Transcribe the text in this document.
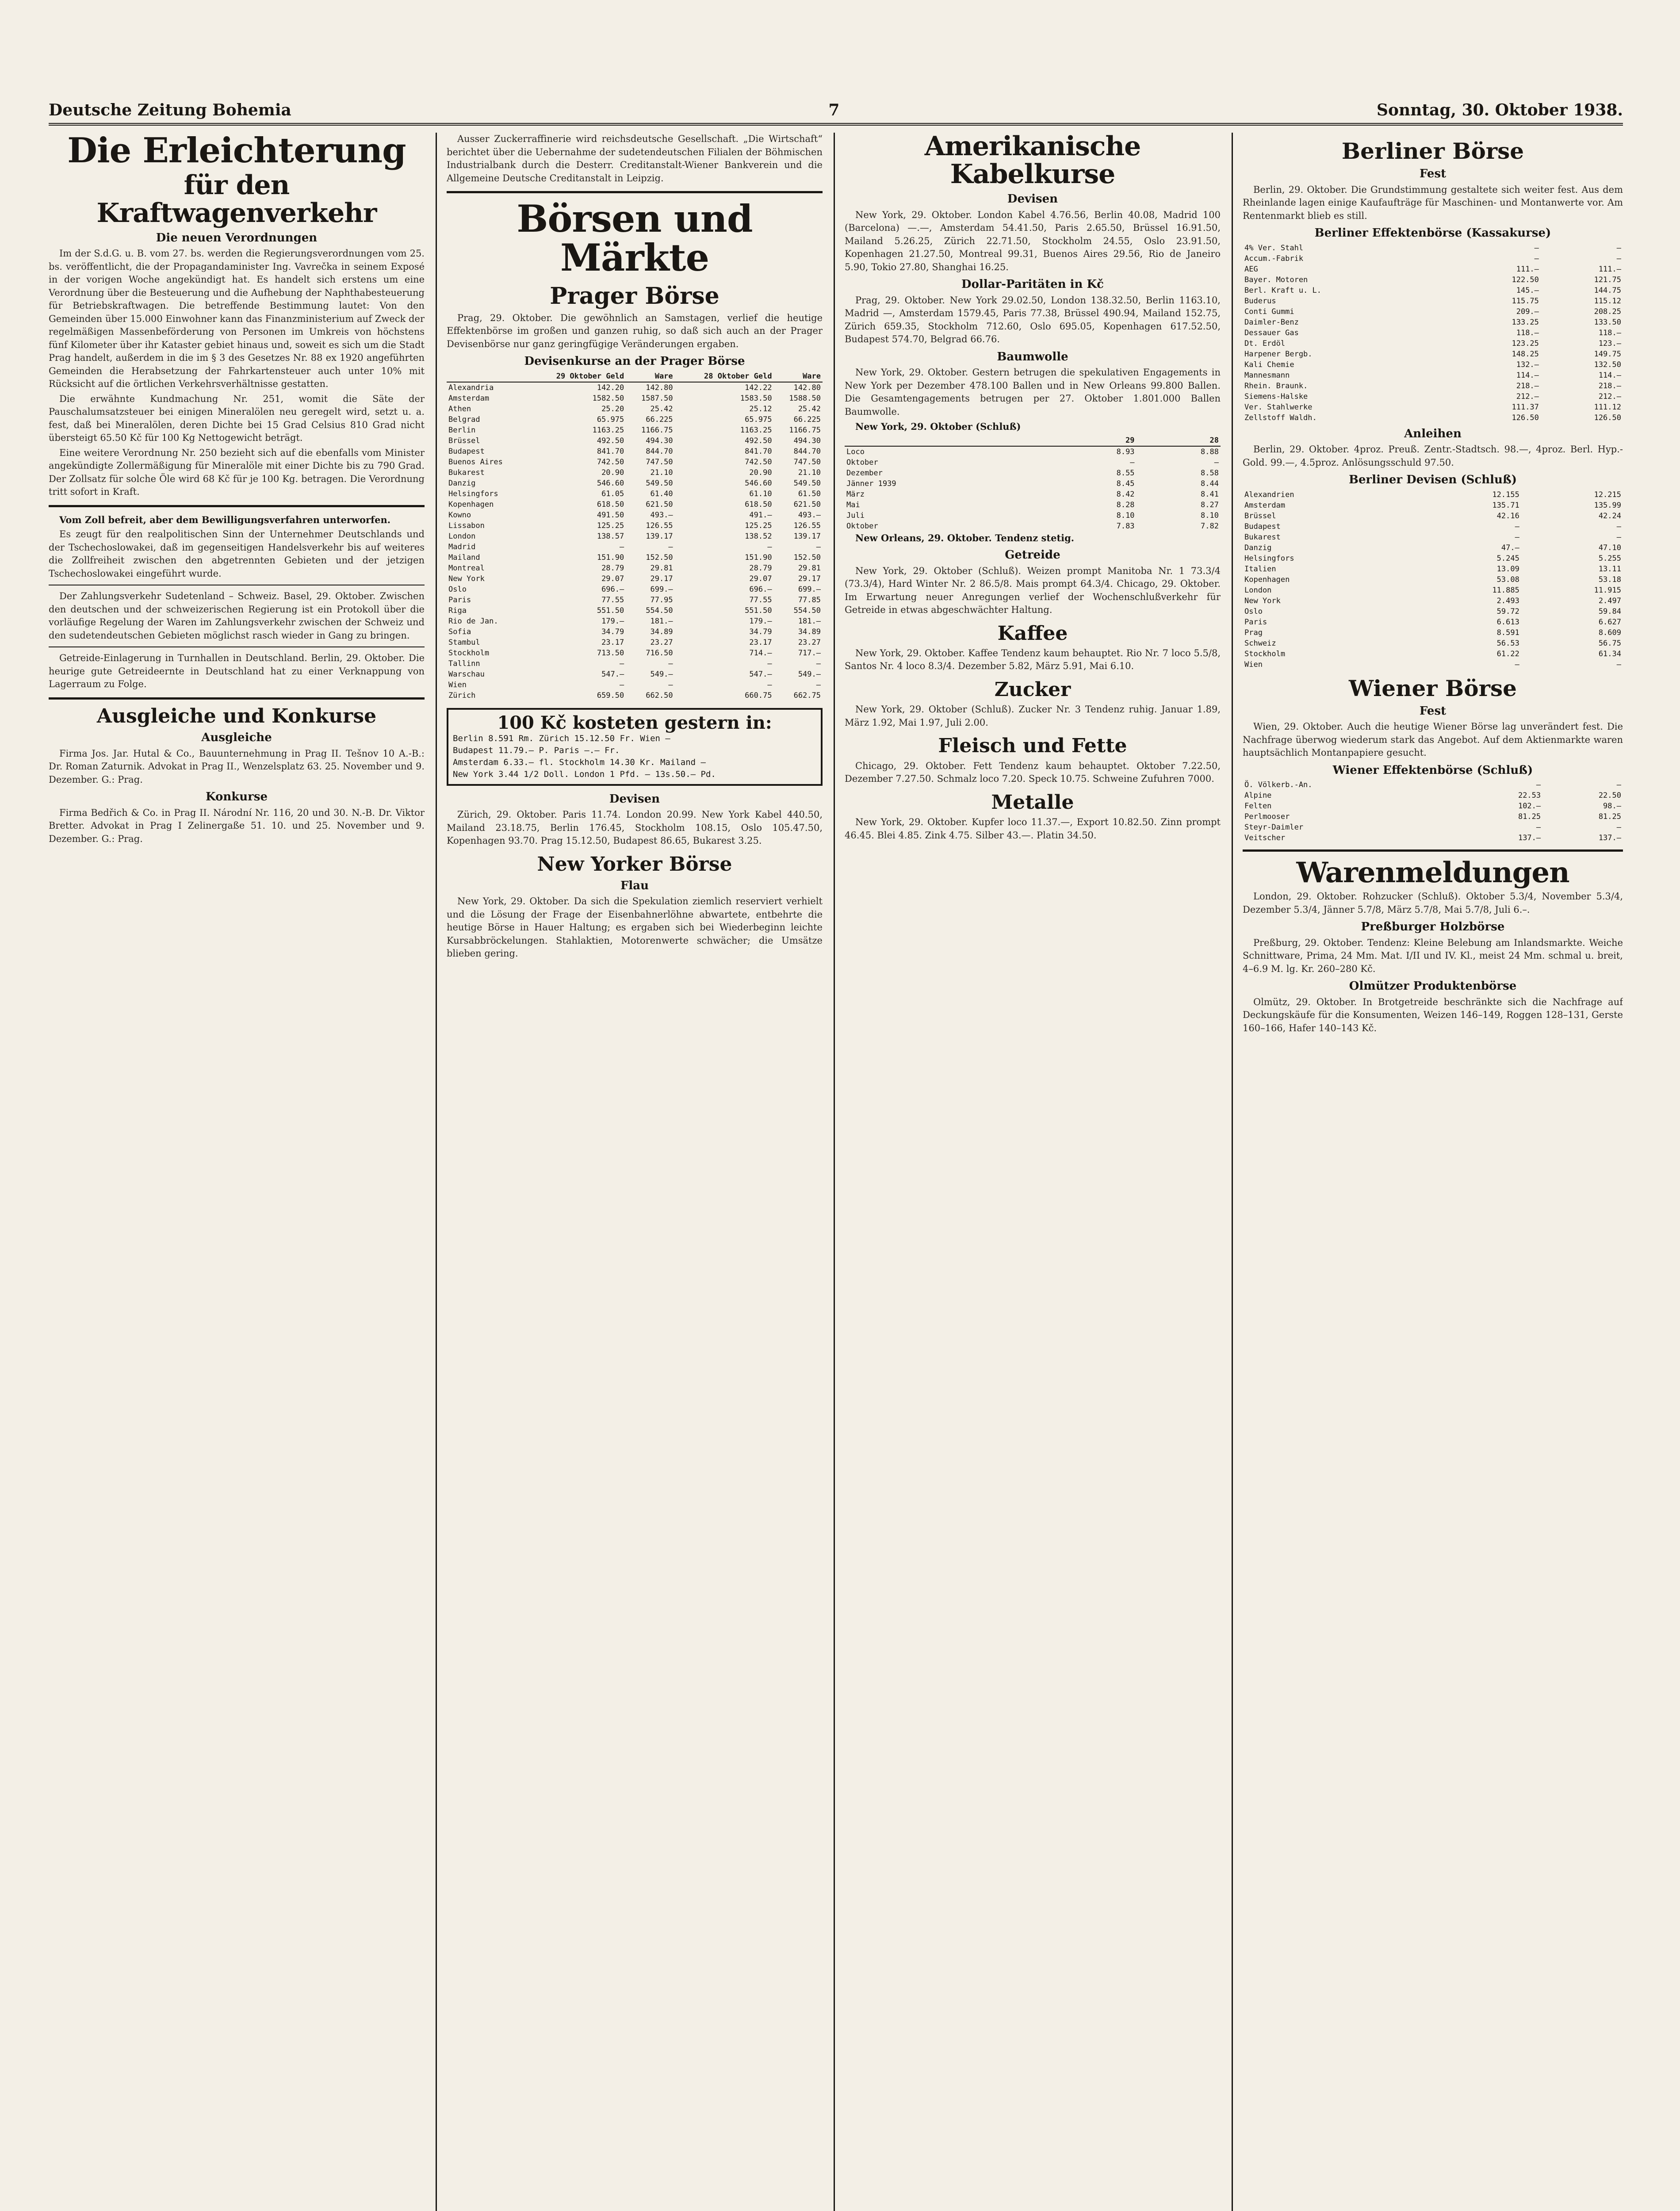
Deutsche Zeitung Bohemia	7	Sonntag, 30. Oktober 1938.
Die Erleichterung
für den Kraftwagenverkehr
Die neuen Verordnungen

Im der S.d.G. u. B. vom 27. bs. werden die Regierungsverordnungen vom 25. bs. veröffentlicht, die der Propagandaminister Ing. Vavrečka in seinem Exposé in der vorigen Woche angekündigt hat. Es handelt sich erstens um eine Verordnung über die Besteuerung und die Aufhebung der Naphthabesteuerung für Betriebskraftwagen. Die betreffende Bestimmung lautet: Von den Gemeinden über 15.000 Einwohner kann das Finanzministerium auf Zweck der regelmäßigen Massenbeförderung von Personen im Umkreis von höchstens fünf Kilometer über ihr Kataster gebiet hinaus und, soweit es sich um die Stadt Prag handelt, außerdem in die im § 3 des Gesetzes Nr. 88 ex 1920 angeführten Gemeinden die Herabsetzung der Fahrkartensteuer auch unter 10% mit Rücksicht auf die örtlichen Verkehrsverhältnisse gestatten.

Die erwähnte Kundmachung Nr. 251, womit die Säte der Pauschalumsatzsteuer bei einigen Mineralölen neu geregelt wird, setzt u. a. fest, daß bei Mineralölen, deren Dichte bei 15 Grad Celsius 810 Grad nicht übersteigt 65.50 Kč für 100 Kg Nettogewicht beträgt.

Eine weitere Verordnung Nr. 250 bezieht sich auf die ebenfalls vom Minister angekündigte Zollermäßigung für Mineralöle mit einer Dichte bis zu 790 Grad. Der Zollsatz für solche Öle wird 68 Kč für je 100 Kg. betragen. Die Verordnung tritt sofort in Kraft.

Vom Zoll befreit, aber dem Bewilligungsverfahren unterworfen.

Es zeugt für den realpolitischen Sinn der Unternehmer Deutschlands und der Tschechoslowakei, daß im gegenseitigen Handelsverkehr bis auf weiteres die Zollfreiheit zwischen den abgetrennten Gebieten und der jetzigen Tschechoslowakei eingeführt wurde.

Der Zahlungsverkehr Sudetenland – Schweiz. Basel, 29. Oktober. Zwischen den deutschen und der schweizerischen Regierung ist ein Protokoll über die vorläufige Regelung der Waren im Zahlungsverkehr zwischen der Schweiz und den sudetendeutschen Gebieten möglichst rasch wieder in Gang zu bringen.

Getreide-Einlagerung in Turnhallen in Deutschland. Berlin, 29. Oktober. Die heurige gute Getreideernte in Deutschland hat zu einer Verknappung von Lagerraum zu Folge.

Ausgleiche und Konkurse
Ausgleiche

Firma Jos. Jar. Hutal & Co., Bauunternehmung in Prag II. Tešnov 10 A.-B.: Dr. Roman Zaturnik. Advokat in Prag II., Wenzelsplatz 63. 25. November und 9. Dezember. G.: Prag.

Konkurse

Firma Bedřich & Co. in Prag II. Národní Nr. 116, 20 und 30. N.-B. Dr. Viktor Bretter. Advokat in Prag I Zelinergaße 51. 10. und 25. November und 9. Dezember. G.: Prag.

Ausser Zuckerraffinerie wird reichsdeutsche Gesellschaft. „Die Wirtschaft“ berichtet über die Uebernahme der sudetendeutschen Filialen der Böhmischen Industrialbank durch die Desterr. Creditanstalt-Wiener Bankverein und die Allgemeine Deutsche Creditanstalt in Leipzig.

Börsen und Märkte
Prager Börse

Prag, 29. Oktober. Die gewöhnlich an Samstagen, verlief die heutige Effektenbörse im großen und ganzen ruhig, so daß sich auch an der Prager Devisenbörse nur ganz geringfügige Veränderungen ergaben.

Devisenkurse an der Prager Börse
	29 Oktober Geld	Ware	28 Oktober Geld	Ware
Alexandria	142.20	142.80	142.22	142.80
Amsterdam	1582.50	1587.50	1583.50	1588.50
Athen	25.20	25.42	25.12	25.42
Belgrad	65.975	66.225	65.975	66.225
Berlin	1163.25	1166.75	1163.25	1166.75
Brüssel	492.50	494.30	492.50	494.30
Budapest	841.70	844.70	841.70	844.70
Buenos Aires	742.50	747.50	742.50	747.50
Bukarest	20.90	21.10	20.90	21.10
Danzig	546.60	549.50	546.60	549.50
Helsingfors	61.05	61.40	61.10	61.50
Kopenhagen	618.50	621.50	618.50	621.50
Kowno	491.50	493.–	491.–	493.–
Lissabon	125.25	126.55	125.25	126.55
London	138.57	139.17	138.52	139.17
Madrid	—	—	—	—
Mailand	151.90	152.50	151.90	152.50
Montreal	28.79	29.81	28.79	29.81
New York	29.07	29.17	29.07	29.17
Oslo	696.–	699.–	696.–	699.–
Paris	77.55	77.95	77.55	77.85
Riga	551.50	554.50	551.50	554.50
Rio de Jan.	179.–	181.–	179.–	181.–
Sofia	34.79	34.89	34.79	34.89
Stambul	23.17	23.27	23.17	23.27
Stockholm	713.50	716.50	714.–	717.–
Tallinn	—	—	—	—
Warschau	547.–	549.–	547.–	549.–
Wien	—	—	—	—
Zürich	659.50	662.50	660.75	662.75
100 Kč kosteten gestern in:
Berlin 8.591 Rm. Zürich 15.12.50 Fr. Wien —
Budapest 11.79.— P. Paris —.— Fr.
Amsterdam 6.33.— fl. Stockholm 14.30 Kr. Mailand —
New York 3.44 1/2 Doll. London 1 Pfd. — 13s.50.— Pd.
Devisen

Zürich, 29. Oktober. Paris 11.74. London 20.99. New York Kabel 440.50, Mailand 23.18.75, Berlin 176.45, Stockholm 108.15, Oslo 105.47.50, Kopenhagen 93.70. Prag 15.12.50, Budapest 86.65, Bukarest 3.25.

New Yorker Börse
Flau

New York, 29. Oktober. Da sich die Spekulation ziemlich reserviert verhielt und die Lösung der Frage der Eisenbahnerlöhne abwartete, entbehrte die heutige Börse in Hauer Haltung; es ergaben sich bei Wiederbeginn leichte Kursabbröckelungen. Stahlaktien, Motorenwerte schwächer; die Umsätze blieben gering.

Amerikanische Kabelkurse
Devisen

New York, 29. Oktober. London Kabel 4.76.56, Berlin 40.08, Madrid 100 (Barcelona) —.—, Amsterdam 54.41.50, Paris 2.65.50, Brüssel 16.91.50, Mailand 5.26.25, Zürich 22.71.50, Stockholm 24.55, Oslo 23.91.50, Kopenhagen 21.27.50, Montreal 99.31, Buenos Aires 29.56, Rio de Janeiro 5.90, Tokio 27.80, Shanghai 16.25.

Dollar-Paritäten in Kč

Prag, 29. Oktober. New York 29.02.50, London 138.32.50, Berlin 1163.10, Madrid —, Amsterdam 1579.45, Paris 77.38, Brüssel 490.94, Mailand 152.75, Zürich 659.35, Stockholm 712.60, Oslo 695.05, Kopenhagen 617.52.50, Budapest 574.70, Belgrad 66.76.

Baumwolle

New York, 29. Oktober. Gestern betrugen die spekulativen Engagements in New York per Dezember 478.100 Ballen und in New Orleans 99.800 Ballen. Die Gesamtengagements betrugen per 27. Oktober 1.801.000 Ballen Baumwolle.

New York, 29. Oktober (Schluß)

	29	28
Loco	8.93	8.88
Oktober	—	—
Dezember	8.55	8.58
Jänner 1939	8.45	8.44
März	8.42	8.41
Mai	8.28	8.27
Juli	8.10	8.10
Oktober	7.83	7.82

New Orleans, 29. Oktober. Tendenz stetig.

Getreide

New York, 29. Oktober (Schluß). Weizen prompt Manitoba Nr. 1 73.3/4 (73.3/4), Hard Winter Nr. 2 86.5/8. Mais prompt 64.3/4. Chicago, 29. Oktober. Im Erwartung neuer Anregungen verlief der Wochenschlußverkehr für Getreide in etwas abgeschwächter Haltung.

Kaffee

New York, 29. Oktober. Kaffee Tendenz kaum behauptet. Rio Nr. 7 loco 5.5/8, Santos Nr. 4 loco 8.3/4. Dezember 5.82, März 5.91, Mai 6.10.

Zucker

New York, 29. Oktober (Schluß). Zucker Nr. 3 Tendenz ruhig. Januar 1.89, März 1.92, Mai 1.97, Juli 2.00.

Fleisch und Fette

Chicago, 29. Oktober. Fett Tendenz kaum behauptet. Oktober 7.22.50, Dezember 7.27.50. Schmalz loco 7.20. Speck 10.75. Schweine Zufuhren 7000.

Metalle

New York, 29. Oktober. Kupfer loco 11.37.—, Export 10.82.50. Zinn prompt 46.45. Blei 4.85. Zink 4.75. Silber 43.—. Platin 34.50.

Berliner Börse
Fest

Berlin, 29. Oktober. Die Grundstimmung gestaltete sich weiter fest. Aus dem Rheinlande lagen einige Kaufaufträge für Maschinen- und Montanwerte vor. Am Rentenmarkt blieb es still.

Berliner Effektenbörse (Kassakurse)
4% Ver. Stahl	—	—
Accum.-Fabrik	—	—
AEG	111.—	111.—
Bayer. Motoren	122.50	121.75
Berl. Kraft u. L.	145.—	144.75
Buderus	115.75	115.12
Conti Gummi	209.—	208.25
Daimler-Benz	133.25	133.50
Dessauer Gas	118.—	118.—
Dt. Erdöl	123.25	123.—
Harpener Bergb.	148.25	149.75
Kali Chemie	132.—	132.50
Mannesmann	114.—	114.—
Rhein. Braunk.	218.—	218.—
Siemens-Halske	212.—	212.—
Ver. Stahlwerke	111.37	111.12
Zellstoff Waldh.	126.50	126.50
Anleihen

Berlin, 29. Oktober. 4proz. Preuß. Zentr.-Stadtsch. 98.—, 4proz. Berl. Hyp.-Gold. 99.—, 4.5proz. Anlösungsschuld 97.50.

Berliner Devisen (Schluß)
Alexandrien	12.155	12.215
Amsterdam	135.71	135.99
Brüssel	42.16	42.24
Budapest	—	—
Bukarest	—	—
Danzig	47.—	47.10
Helsingfors	5.245	5.255
Italien	13.09	13.11
Kopenhagen	53.08	53.18
London	11.885	11.915
New York	2.493	2.497
Oslo	59.72	59.84
Paris	6.613	6.627
Prag	8.591	8.609
Schweiz	56.53	56.75
Stockholm	61.22	61.34
Wien	—	—
Wiener Börse
Fest

Wien, 29. Oktober. Auch die heutige Wiener Börse lag unverändert fest. Die Nachfrage überwog wiederum stark das Angebot. Auf dem Aktienmarkte waren hauptsächlich Montanpapiere gesucht.

Wiener Effektenbörse (Schluß)
Ö. Völkerb.-An.	—	—
Alpine	22.53	22.50
Felten	102.–	98.–
Perlmooser	81.25	81.25
Steyr-Daimler	—	—
Veitscher	137.–	137.–
Warenmeldungen

London, 29. Oktober. Rohzucker (Schluß). Oktober 5.3/4, November 5.3/4, Dezember 5.3/4, Jänner 5.7/8, März 5.7/8, Mai 5.7/8, Juli 6.–.

Preßburger Holzbörse

Preßburg, 29. Oktober. Tendenz: Kleine Belebung am Inlandsmarkte. Weiche Schnittware, Prima, 24 Mm. Mat. I/II und IV. Kl., meist 24 Mm. schmal u. breit, 4–6.9 M. lg. Kr. 260–280 Kč.

Olmützer Produktenbörse

Olmütz, 29. Oktober. In Brotgetreide beschränkte sich die Nachfrage auf Deckungskäufe für die Konsumenten, Weizen 146–149, Roggen 128–131, Gerste 160–166, Hafer 140–143 Kč.
